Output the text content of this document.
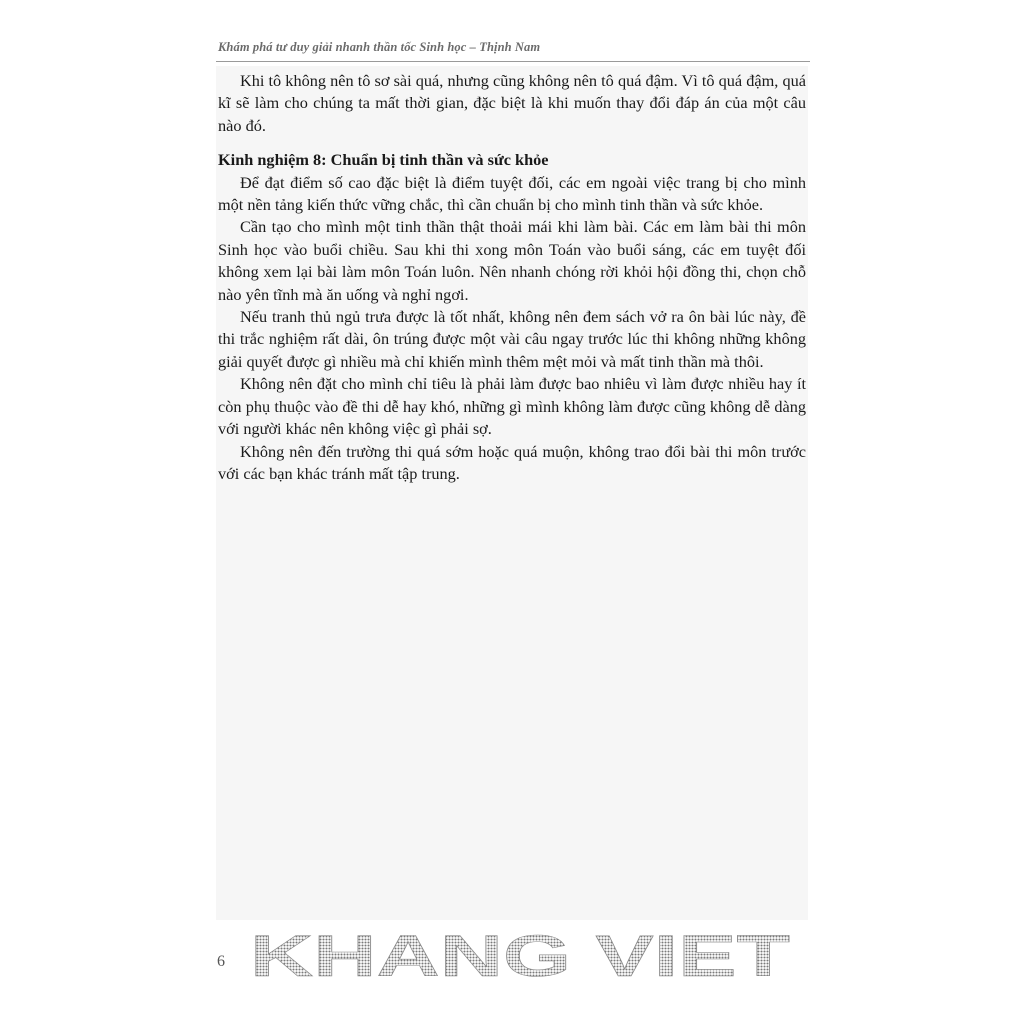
Khám phá tư duy giải nhanh thần tốc Sinh học – Thịnh Nam

Khi tô không nên tô sơ sài quá, nhưng cũng không nên tô quá đậm. Vì tô quá đậm, quá kĩ sẽ làm cho chúng ta mất thời gian, đặc biệt là khi muốn thay đổi đáp án của một câu nào đó.

Kinh nghiệm 8: Chuẩn bị tinh thần và sức khỏe

Để đạt điểm số cao đặc biệt là điểm tuyệt đối, các em ngoài việc trang bị cho mình một nền tảng kiến thức vững chắc, thì cần chuẩn bị cho mình tinh thần và sức khỏe.

Cần tạo cho mình một tinh thần thật thoải mái khi làm bài. Các em làm bài thi môn Sinh học vào buổi chiều. Sau khi thi xong môn Toán vào buổi sáng, các em tuyệt đối không xem lại bài làm môn Toán luôn. Nên nhanh chóng rời khỏi hội đồng thi, chọn chỗ nào yên tĩnh mà ăn uống và nghỉ ngơi.

Nếu tranh thủ ngủ trưa được là tốt nhất, không nên đem sách vở ra ôn bài lúc này, đề thi trắc nghiệm rất dài, ôn trúng được một vài câu ngay trước lúc thi không những không giải quyết được gì nhiều mà chỉ khiến mình thêm mệt mỏi và mất tinh thần mà thôi.

Không nên đặt cho mình chỉ tiêu là phải làm được bao nhiêu vì làm được nhiều hay ít còn phụ thuộc vào đề thi dễ hay khó, những gì mình không làm được cũng không dễ dàng với người khác nên không việc gì phải sợ.

Không nên đến trường thi quá sớm hoặc quá muộn, không trao đổi bài thi môn trước với các bạn khác tránh mất tập trung.

6 KHANG VIET
